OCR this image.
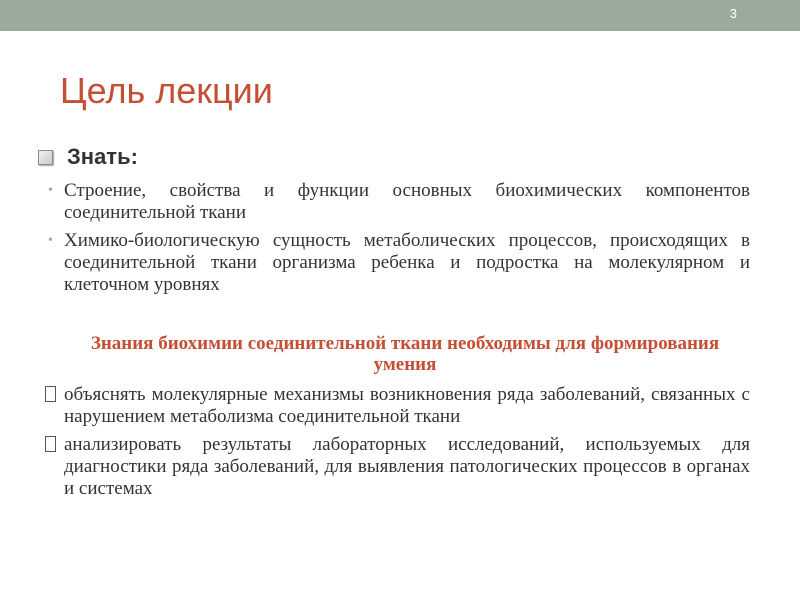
3
Цель лекции
Знать:

• Строение, свойства и функции основных биохимических компонентов соединительной ткани

• Химико-биологическую сущность метаболических процессов, происходящих в соединительной ткани организма ребенка и подростка на молекулярном и клеточном уровнях

Знания биохимии соединительной ткани необходимы для формирования умения

объяснять молекулярные механизмы возникновения ряда заболеваний, связанных с нарушением метаболизма соединительной ткани

анализировать результаты лабораторных исследований, используемых для диагностики ряда заболеваний, для выявления патологических процессов в органах и системах
